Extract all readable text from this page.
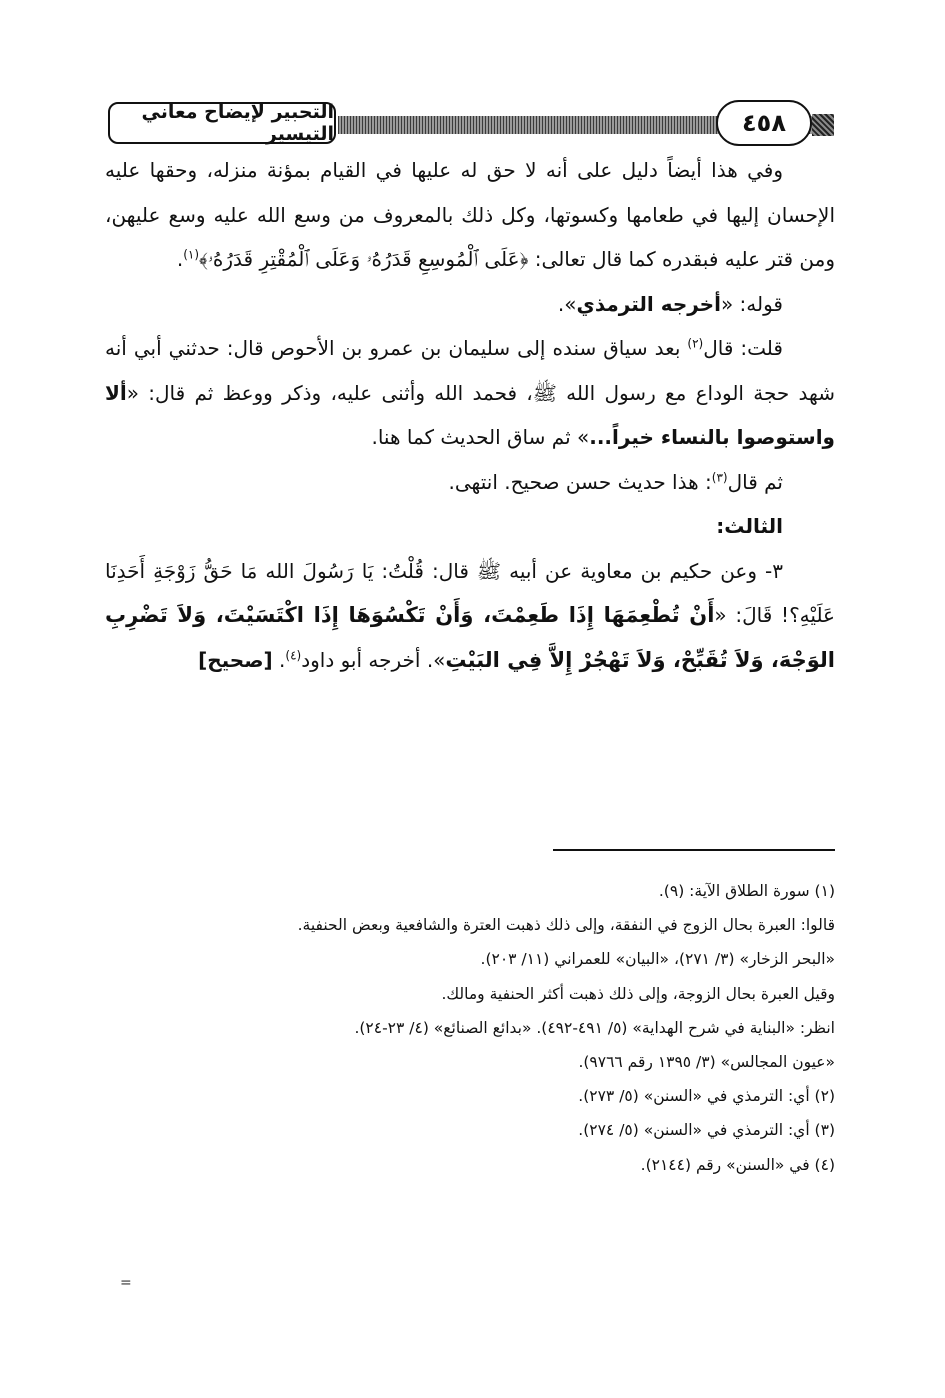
التحبير لإيضاح معاني التيسير	٤٥٨

وفي هذا أيضاً دليل على أنه لا حق له عليها في القيام بمؤنة منزله، وحقها عليه الإحسان إليها في طعامها وكسوتها، وكل ذلك بالمعروف من وسع الله عليه وسع عليهن، ومن قتر عليه فبقدره كما قال تعالى: ﴿عَلَى ٱلْمُوسِعِ قَدَرُهُۥ وَعَلَى ٱلْمُقْتِرِ قَدَرُهُۥ﴾$^{(١)}$.

قوله: «أخرجه الترمذي».

قلت: قال$^{(٢)}$ بعد سياق سنده إلى سليمان بن عمرو بن الأحوص قال: حدثني أبي أنه شهد حجة الوداع مع رسول الله ﷺ، فحمد الله وأثنى عليه، وذكر ووعظ ثم قال: «ألا واستوصوا بالنساء خيراً...» ثم ساق الحديث كما هنا.

ثم قال$^{(٣)}$: هذا حديث حسن صحيح. انتهى.

الثالث:

٣- وعن حكيم بن معاوية عن أبيه ﷺ قال: قُلْتُ: يَا رَسُولَ الله مَا حَقُّ زَوْجَةِ أَحَدِنَا عَلَيْهِ؟! قَالَ: «أَنْ تُطْعِمَهَا إِذَا طَعِمْتَ، وَأَنْ تَكْسُوَهَا إِذَا اكْتَسَيْتَ، وَلاَ تَضْرِبِ الوَجْهَ، وَلاَ تُقَبِّحْ، وَلاَ تَهْجُرْ إِلاَّ فِي البَيْتِ». أخرجه أبو داود$^{(٤)}$. [صحيح]

(١) سورة الطلاق الآية: (٩).
قالوا: العبرة بحال الزوج في النفقة، وإلى ذلك ذهبت العترة والشافعية وبعض الحنفية.
«البحر الزخار» (٣/ ٢٧١)، «البيان» للعمراني (١١/ ٢٠٣).
وقيل العبرة بحال الزوجة، وإلى ذلك ذهبت أكثر الحنفية ومالك.
انظر: «البناية في شرح الهداية» (٥/ ٤٩١-٤٩٢). «بدائع الصنائع» (٤/ ٢٣-٢٤).
«عيون المجالس» (٣/ ١٣٩٥ رقم ٩٧٦٦).
(٢) أي: الترمذي في «السنن» (٥/ ٢٧٣).
(٣) أي: الترمذي في «السنن» (٥/ ٢٧٤).
(٤) في «السنن» رقم (٢١٤٤).
=
